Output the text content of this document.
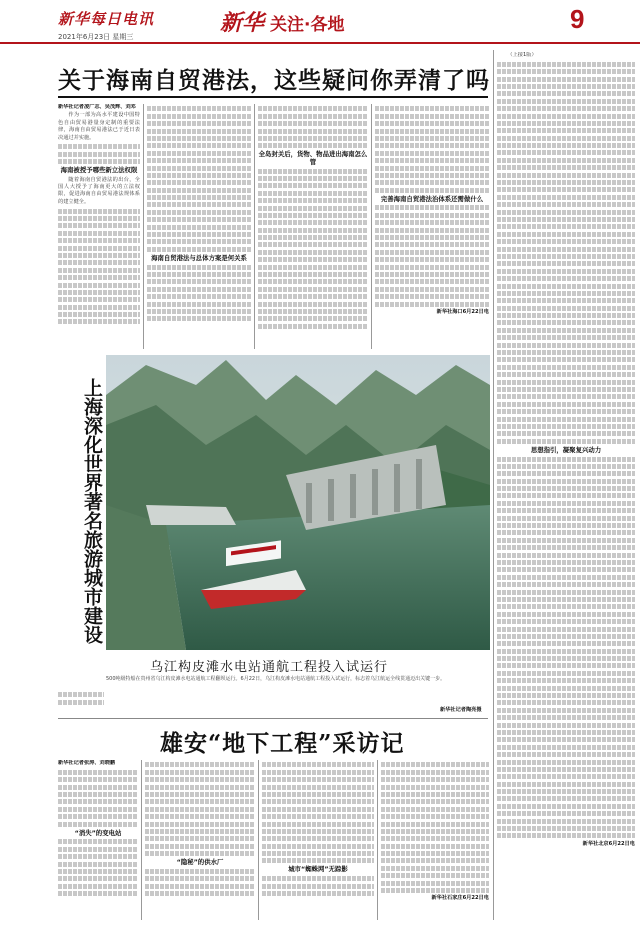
新华每日电讯
2021年6月23日 星期三
新华 关注·各地	9
关于海南自贸港法，这些疑问你弄清了吗

新华社记者凌广志、吴茂辉、刘邓

作为一部为高水平建设中国特色自由贸易港量身定制的重要法律，海南自由贸易港法已于近日表决通过并实施。

海南被授予哪些新立法权限

随着海南自贸港法的出台，全国人大授予了海南更大的立法权限，促进海南自由贸易港法规体系的建立健全。

海南自贸港法与总体方案是何关系

全岛封关后，货物、物品进出海南怎么管

完善海南自贸港法治体系还需做什么

新华社海口6月22日电

上海深化世界著名旅游城市建设
乌江构皮滩水电站通航工程投入试运行
500吨级特船在贵州省乌江构皮滩水电站通航工程翻坝运行。6月22日，乌江构皮滩水电站通航工程投入试运行，标志着乌江航运全线贯通迈出关键一步。
新华社记者陶亮摄
雄安“地下工程”采访记

新华社记者张涛、刘晓鹏

“消失”的变电站

“隐秘”的供水厂

城市“蜘蛛网”无踪影

新华社石家庄6月22日电

（上接1版）

思想指引，凝聚复兴动力

新华社北京6月22日电
